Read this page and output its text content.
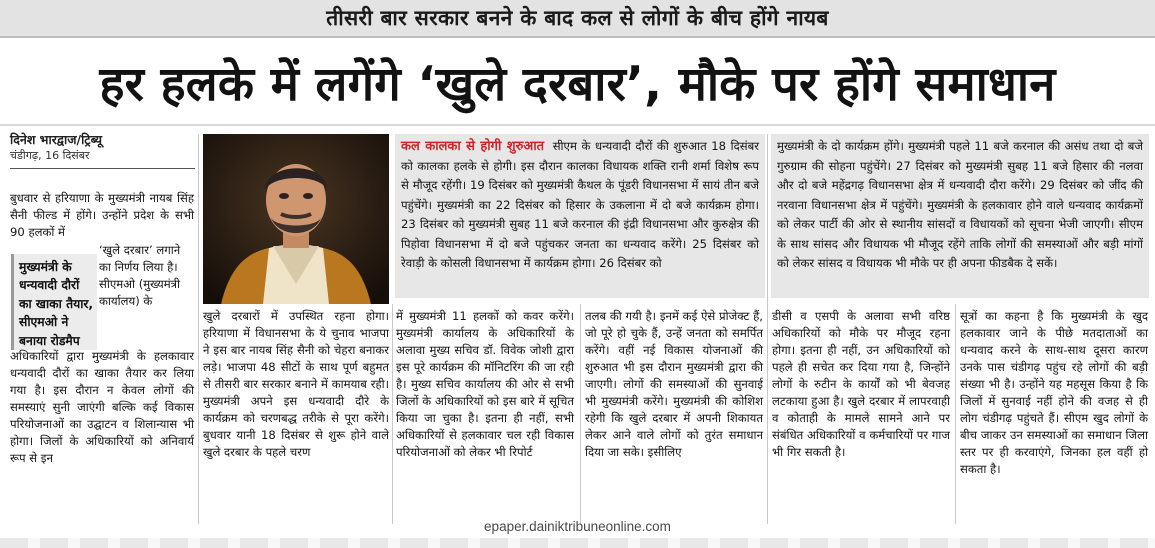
तीसरी बार सरकार बनने के बाद कल से लोगों के बीच होंगे नायब
हर हलके में लगेंगे ‘खुले दरबार’, मौके पर होंगे समाधान
दिनेश भारद्वाज/ट्रिब्यू
चंडीगढ़, 16 दिसंबर
बुधवार से हरियाणा के मुख्यमंत्री नायब सिंह सैनी फील्ड में होंगे। उन्होंने प्रदेश के सभी 90 हलकों में
मुख्यमंत्री के धन्यवादी दौरों का खाका तैयार, सीएमओ ने बनाया रोडमैप
‘खुले दरबार’ लगाने का निर्णय लिया है। सीएमओ (मुख्यमंत्री कार्यालय) के
अधिकारियों द्वारा मुख्यमंत्री के हलकावार धन्यवादी दौरों का खाका तैयार कर लिया गया है। इस दौरान न केवल लोगों की समस्याएं सुनी जाएंगी बल्कि कई विकास परियोजनाओं का उद्घाटन व शिलान्यास भी होगा। जिलों के अधिकारियों को अनिवार्य रूप से इन
खुले दरबारों में उपस्थित रहना होगा। हरियाणा में विधानसभा के ये चुनाव भाजपा ने इस बार नायब सिंह सैनी को चेहरा बनाकर लड़े। भाजपा 48 सीटों के साथ पूर्ण बहुमत से तीसरी बार सरकार बनाने में कामयाब रही। मुख्यमंत्री अपने इस धन्यवादी दौरे के कार्यक्रम को चरणबद्ध तरीके से पूरा करेंगे। बुधवार यानी 18 दिसंबर से शुरू होने वाले खुले दरबार के पहले चरण
कल कालका से होगी शुरुआत सीएम के धन्यवादी दौरों की शुरुआत 18 दिसंबर को कालका हलके से होगी। इस दौरान कालका विधायक शक्ति रानी शर्मा विशेष रूप से मौजूद रहेंगी। 19 दिसंबर को मुख्यमंत्री कैथल के पूंडरी विधानसभा में सायं तीन बजे पहुंचेंगे। मुख्यमंत्री का 22 दिसंबर को हिसार के उकलाना में दो बजे कार्यक्रम होगा। 23 दिसंबर को मुख्यमंत्री सुबह 11 बजे करनाल की इंद्री विधानसभा और कुरुक्षेत्र की पिहोवा विधानसभा में दो बजे पहुंचकर जनता का धन्यवाद करेंगे। 25 दिसंबर को रेवाड़ी के कोसली विधानसभा में कार्यक्रम होगा। 26 दिसंबर को
मुख्यमंत्री के दो कार्यक्रम होंगे। मुख्यमंत्री पहले 11 बजे करनाल की असंध तथा दो बजे गुरुग्राम की सोहना पहुंचेंगे। 27 दिसंबर को मुख्यमंत्री सुबह 11 बजे हिसार की नलवा और दो बजे महेंद्रगढ़ विधानसभा क्षेत्र में धन्यवादी दौरा करेंगे। 29 दिसंबर को जींद की नरवाना विधानसभा क्षेत्र में पहुंचेंगे। मुख्यमंत्री के हलकावार होने वाले धन्यवाद कार्यक्रमों को लेकर पार्टी की ओर से स्थानीय सांसदों व विधायकों को सूचना भेजी जाएगी। सीएम के साथ सांसद और विधायक भी मौजूद रहेंगे ताकि लोगों की समस्याओं और बड़ी मांगों को लेकर सांसद व विधायक भी मौके पर ही अपना फीडबैक दे सकें।
में मुख्यमंत्री 11 हलकों को कवर करेंगे। मुख्यमंत्री कार्यालय के अधिकारियों के अलावा मुख्य सचिव डॉ. विवेक जोशी द्वारा इस पूरे कार्यक्रम की मॉनिटरिंग की जा रही है। मुख्य सचिव कार्यालय की ओर से सभी जिलों के अधिकारियों को इस बारे में सूचित किया जा चुका है। इतना ही नहीं, सभी अधिकारियों से हलकावार चल रही विकास परियोजनाओं को लेकर भी रिपोर्ट
तलब की गयी है। इनमें कई ऐसे प्रोजेक्ट हैं, जो पूरे हो चुके हैं, उन्हें जनता को समर्पित करेंगे। वहीं नई विकास योजनाओं की शुरुआत भी इस दौरान मुख्यमंत्री द्वारा की जाएगी। लोगों की समस्याओं की सुनवाई भी मुख्यमंत्री करेंगे। मुख्यमंत्री की कोशिश रहेगी कि खुले दरबार में अपनी शिकायत लेकर आने वाले लोगों को तुरंत समाधान दिया जा सके। इसीलिए
डीसी व एसपी के अलावा सभी वरिष्ठ अधिकारियों को मौके पर मौजूद रहना होगा। इतना ही नहीं, उन अधिकारियों को पहले ही सचेत कर दिया गया है, जिन्होंने लोगों के रुटीन के कार्यों को भी बेवजह लटकाया हुआ है। खुले दरबार में लापरवाही व कोताही के मामले सामने आने पर संबंधित अधिकारियों व कर्मचारियों पर गाज भी गिर सकती है।
सूत्रों का कहना है कि मुख्यमंत्री के खुद हलकावार जाने के पीछे मतदाताओं का धन्यवाद करने के साथ-साथ दूसरा कारण उनके पास चंडीगढ़ पहुंच रहे लोगों की बड़ी संख्या भी है। उन्होंने यह महसूस किया है कि जिलों में सुनवाई नहीं होने की वजह से ही लोग चंडीगढ़ पहुंचते हैं। सीएम खुद लोगों के बीच जाकर उन समस्याओं का समाधान जिला स्तर पर ही करवाएंगे, जिनका हल वहीं हो सकता है।
epaper.dainiktribuneonline.com
